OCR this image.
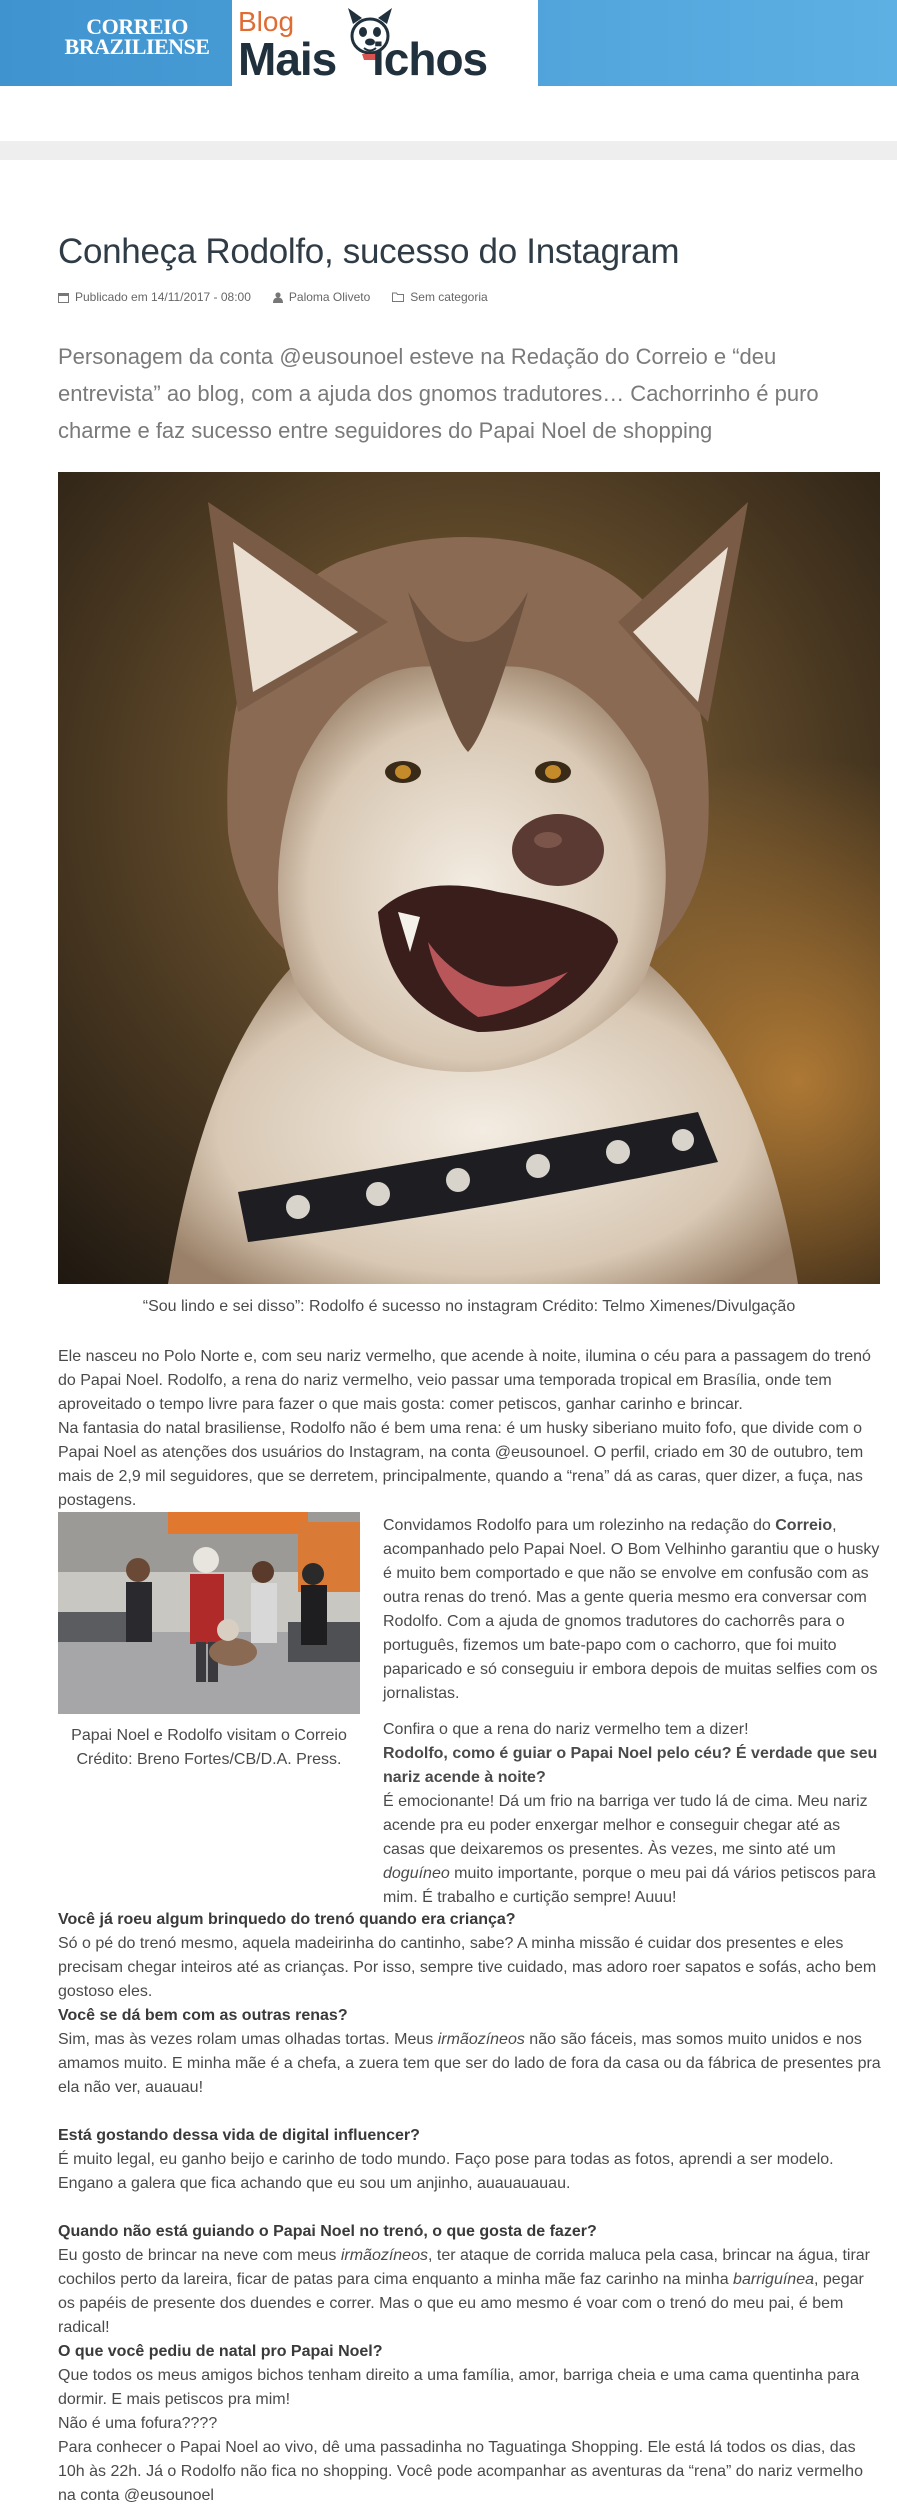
CORREIO
BRAZILIENSE
Blog
Mais ichos
Conheça Rodolfo, sucesso do Instagram
Publicado em 14/11/2017 - 08:00	Paloma Oliveto	Sem categoria

Personagem da conta @eusounoel esteve na Redação do Correio e “deu entrevista” ao blog, com a ajuda dos gnomos tradutores… Cachorrinho é puro charme e faz sucesso entre seguidores do Papai Noel de shopping

“Sou lindo e sei disso”: Rodolfo é sucesso no instagram Crédito: Telmo Ximenes/Divulgação

Ele nasceu no Polo Norte e, com seu nariz vermelho, que acende à noite, ilumina o céu para a passagem do trenó do Papai Noel. Rodolfo, a rena do nariz vermelho, veio passar uma temporada tropical em Brasília, onde tem aproveitado o tempo livre para fazer o que mais gosta: comer petiscos, ganhar carinho e brincar.

Na fantasia do natal brasiliense, Rodolfo não é bem uma rena: é um husky siberiano muito fofo, que divide com o Papai Noel as atenções dos usuários do Instagram, na conta @eusounoel. O perfil, criado em 30 de outubro, tem mais de 2,9 mil seguidores, que se derretem, principalmente, quando a “rena” dá as caras, quer dizer, a fuça, nas postagens.

Papai Noel e Rodolfo visitam o Correio Crédito: Breno Fortes/CB/D.A. Press.

Convidamos Rodolfo para um rolezinho na redação do Correio, acompanhado pelo Papai Noel. O Bom Velhinho garantiu que o husky é muito bem comportado e que não se envolve em confusão com as outra renas do trenó. Mas a gente queria mesmo era conversar com Rodolfo. Com a ajuda de gnomos tradutores do cachorrês para o português, fizemos um bate-papo com o cachorro, que foi muito paparicado e só conseguiu ir embora depois de muitas selfies com os jornalistas.

Confira o que a rena do nariz vermelho tem a dizer!

Rodolfo, como é guiar o Papai Noel pelo céu? É verdade que seu nariz acende à noite?

É emocionante! Dá um frio na barriga ver tudo lá de cima. Meu nariz acende pra eu poder enxergar melhor e conseguir chegar até as casas que deixaremos os presentes. Às vezes, me sinto até um doguíneo muito importante, porque o meu pai dá vários petiscos para mim. É trabalho e curtição sempre! Auuu!

Você já roeu algum brinquedo do trenó quando era criança?

Só o pé do trenó mesmo, aquela madeirinha do cantinho, sabe? A minha missão é cuidar dos presentes e eles precisam chegar inteiros até as crianças. Por isso, sempre tive cuidado, mas adoro roer sapatos e sofás, acho bem gostoso eles.

Você se dá bem com as outras renas?

Sim, mas às vezes rolam umas olhadas tortas. Meus irmãozíneos não são fáceis, mas somos muito unidos e nos amamos muito. E minha mãe é a chefa, a zuera tem que ser do lado de fora da casa ou da fábrica de presentes pra ela não ver, auauau!

Está gostando dessa vida de digital influencer?

É muito legal, eu ganho beijo e carinho de todo mundo. Faço pose para todas as fotos, aprendi a ser modelo. Engano a galera que fica achando que eu sou um anjinho, auauauauau.

Quando não está guiando o Papai Noel no trenó, o que gosta de fazer?

Eu gosto de brincar na neve com meus irmãozíneos, ter ataque de corrida maluca pela casa, brincar na água, tirar cochilos perto da lareira, ficar de patas para cima enquanto a minha mãe faz carinho na minha barriguínea, pegar os papéis de presente dos duendes e correr. Mas o que eu amo mesmo é voar com o trenó do meu pai, é bem radical!

O que você pediu de natal pro Papai Noel?

Que todos os meus amigos bichos tenham direito a uma família, amor, barriga cheia e uma cama quentinha para dormir. E mais petiscos pra mim!

Não é uma fofura????

Para conhecer o Papai Noel ao vivo, dê uma passadinha no Taguatinga Shopping. Ele está lá todos os dias, das 10h às 22h. Já o Rodolfo não fica no shopping. Você pode acompanhar as aventuras da “rena” do nariz vermelho na conta @eusounoel
